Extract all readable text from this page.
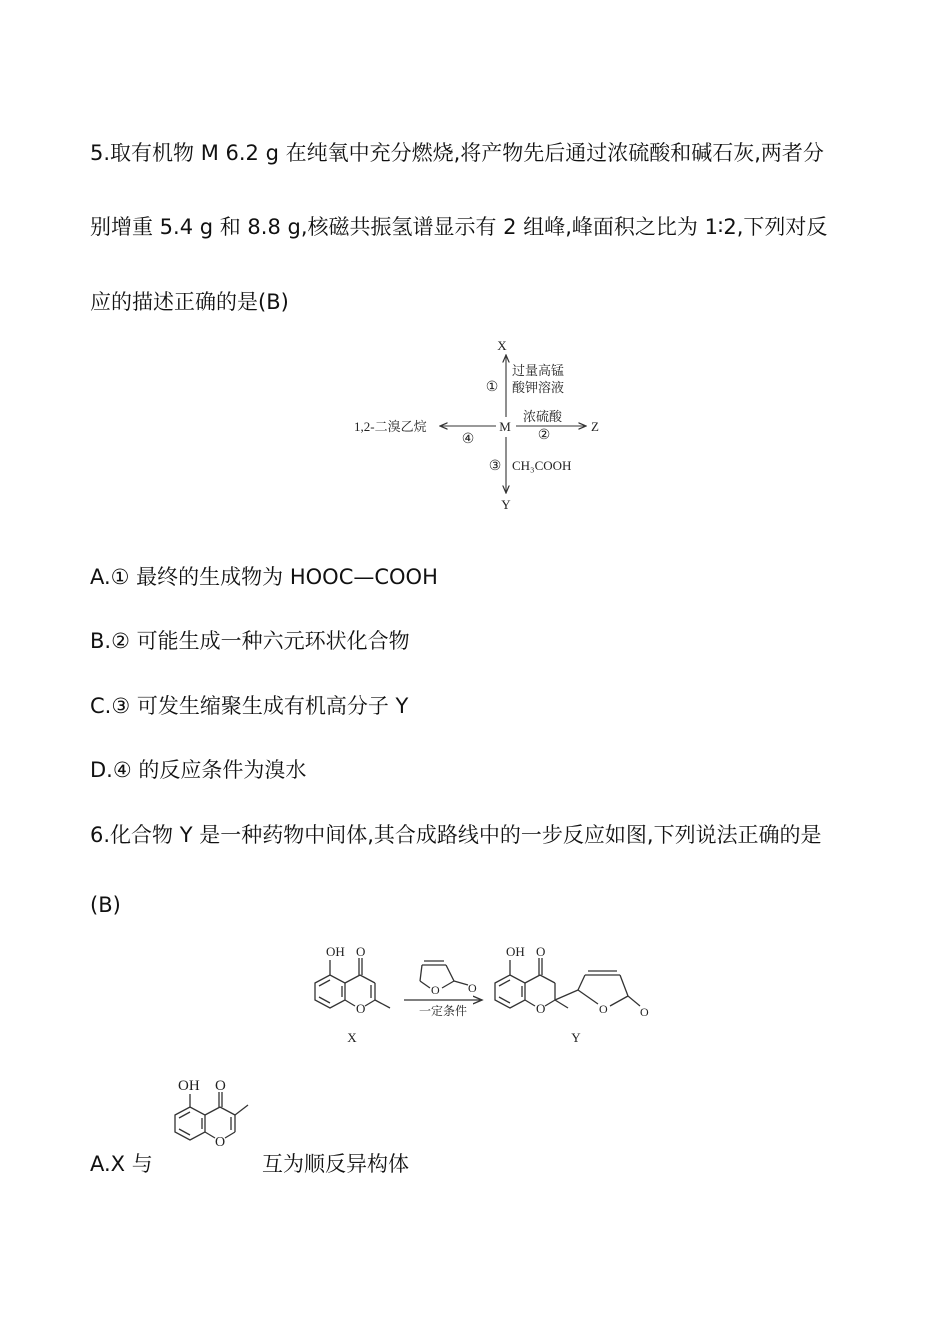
5.取有机物 M 6.2 g 在纯氧中充分燃烧,将产物先后通过浓硫酸和碱石灰,两者分
别增重 5.4 g 和 8.8 g,核磁共振氢谱显示有 2 组峰,峰面积之比为 1∶2,下列对反
应的描述正确的是(B)
X
①
过量高锰
酸钾溶液
M
浓硫酸
②
Z
④
1,2-二溴乙烷
③ CH₃COOH
Y
A.① 最终的生成物为 HOOC—COOH
B.② 可能生成一种六元环状化合物
C.③ 可发生缩聚生成有机高分子 Y
D.④ 的反应条件为溴水
6.化合物 Y 是一种药物中间体,其合成路线中的一步反应如图,下列说法正确的是
(B)
OH O
O
X
O O
一定条件
OH O
O	O	O
Y
A.X 与
OH O
O
互为顺反异构体
